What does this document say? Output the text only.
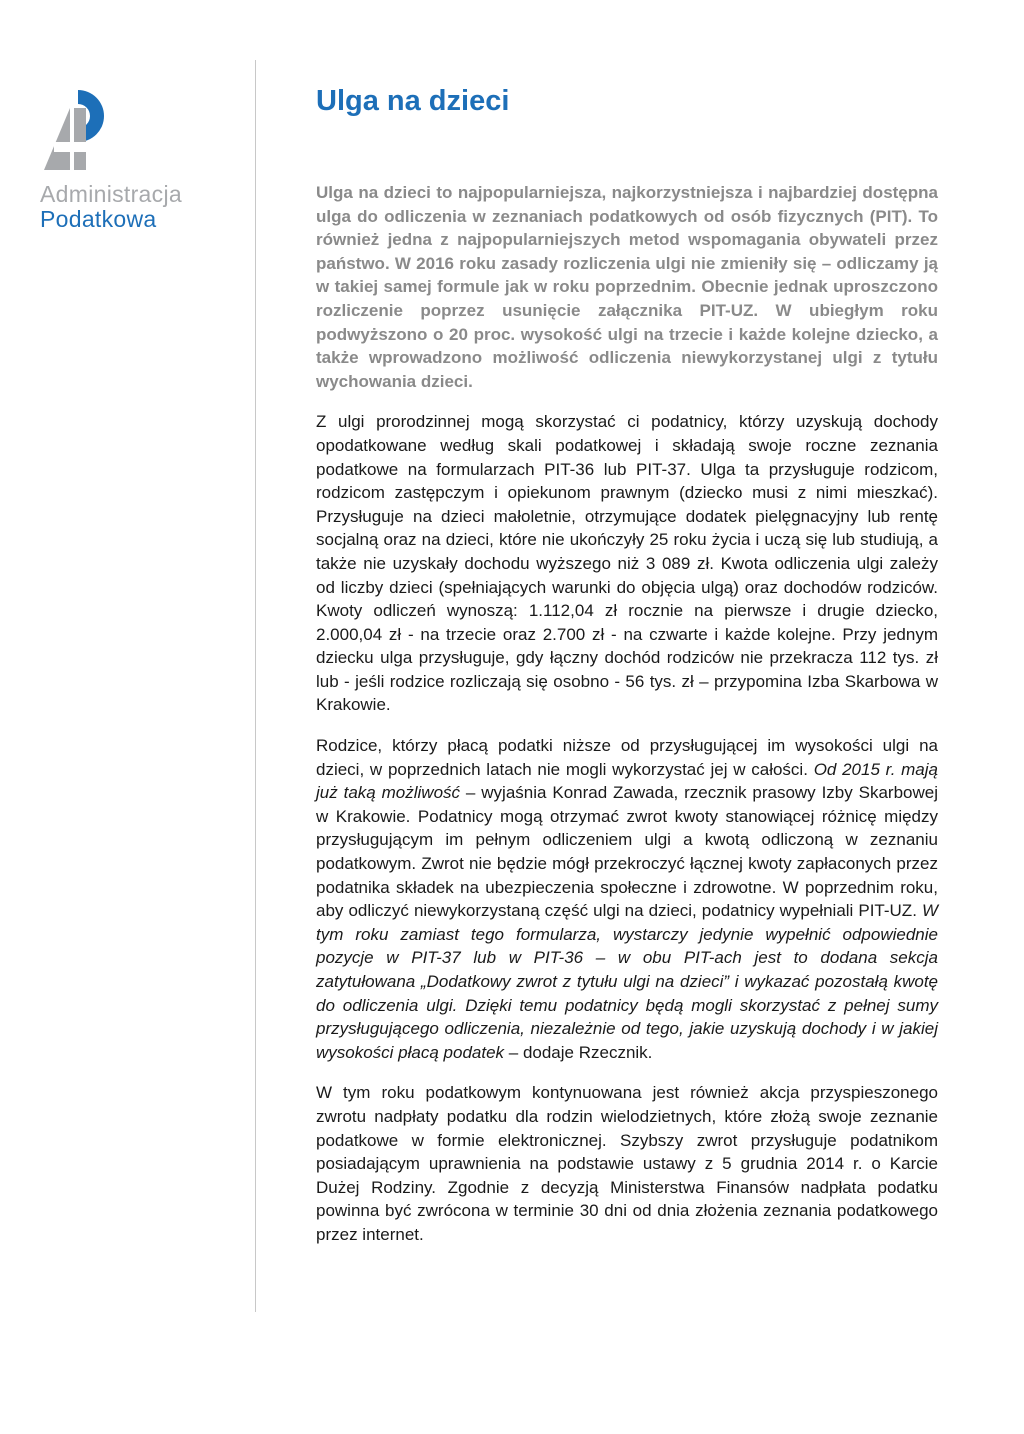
Administracja
Podatkowa
Ulga na dzieci

Ulga na dzieci to najpopularniejsza, najkorzystniejsza i najbardziej dostępna ulga do odliczenia w zeznaniach podatkowych od osób fizycznych (PIT). To również jedna z najpopularniejszych metod wspomagania obywateli przez państwo. W 2016 roku zasady rozliczenia ulgi nie zmieniły się – odliczamy ją w takiej samej formule jak w roku poprzednim. Obecnie jednak uproszczono rozliczenie poprzez usunięcie załącznika PIT-UZ. W ubiegłym roku podwyższono o 20 proc. wysokość ulgi na trzecie i każde kolejne dziecko, a także wprowadzono możliwość odliczenia niewykorzystanej ulgi z tytułu wychowania dzieci.

Z ulgi prorodzinnej mogą skorzystać ci podatnicy, którzy uzyskują dochody opodatkowane według skali podatkowej i składają swoje roczne zeznania podatkowe na formularzach PIT-36 lub PIT-37. Ulga ta przysługuje rodzicom, rodzicom zastępczym i opiekunom prawnym (dziecko musi z nimi mieszkać). Przysługuje na dzieci małoletnie, otrzymujące dodatek pielęgnacyjny lub rentę socjalną oraz na dzieci, które nie ukończyły 25 roku życia i uczą się lub studiują, a także nie uzyskały dochodu wyższego niż 3 089 zł. Kwota odliczenia ulgi zależy od liczby dzieci (spełniających warunki do objęcia ulgą) oraz dochodów rodziców. Kwoty odliczeń wynoszą: 1.112,04 zł rocznie na pierwsze i drugie dziecko, 2.000,04 zł - na trzecie oraz 2.700 zł - na czwarte i każde kolejne. Przy jednym dziecku ulga przysługuje, gdy łączny dochód rodziców nie przekracza 112 tys. zł lub - jeśli rodzice rozliczają się osobno - 56 tys. zł – przypomina Izba Skarbowa w Krakowie.

Rodzice, którzy płacą podatki niższe od przysługującej im wysokości ulgi na dzieci, w poprzednich latach nie mogli wykorzystać jej w całości. Od 2015 r. mają już taką możliwość – wyjaśnia Konrad Zawada, rzecznik prasowy Izby Skarbowej w Krakowie. Podatnicy mogą otrzymać zwrot kwoty stanowiącej różnicę między przysługującym im pełnym odliczeniem ulgi a kwotą odliczoną w zeznaniu podatkowym. Zwrot nie będzie mógł przekroczyć łącznej kwoty zapłaconych przez podatnika składek na ubezpieczenia społeczne i zdrowotne. W poprzednim roku, aby odliczyć niewykorzystaną część ulgi na dzieci, podatnicy wypełniali PIT-UZ. W tym roku zamiast tego formularza, wystarczy jedynie wypełnić odpowiednie pozycje w PIT-37 lub w PIT-36 – w obu PIT-ach jest to dodana sekcja zatytułowana „Dodatkowy zwrot z tytułu ulgi na dzieci” i wykazać pozostałą kwotę do odliczenia ulgi. Dzięki temu podatnicy będą mogli skorzystać z pełnej sumy przysługującego odliczenia, niezależnie od tego, jakie uzyskują dochody i w jakiej wysokości płacą podatek – dodaje Rzecznik.

W tym roku podatkowym kontynuowana jest również akcja przyspieszonego zwrotu nadpłaty podatku dla rodzin wielodzietnych, które złożą swoje zeznanie podatkowe w formie elektronicznej. Szybszy zwrot przysługuje podatnikom posiadającym uprawnienia na podstawie ustawy z 5 grudnia 2014 r. o Karcie Dużej Rodziny. Zgodnie z decyzją Ministerstwa Finansów nadpłata podatku powinna być zwrócona w terminie 30 dni od dnia złożenia zeznania podatkowego przez internet.
